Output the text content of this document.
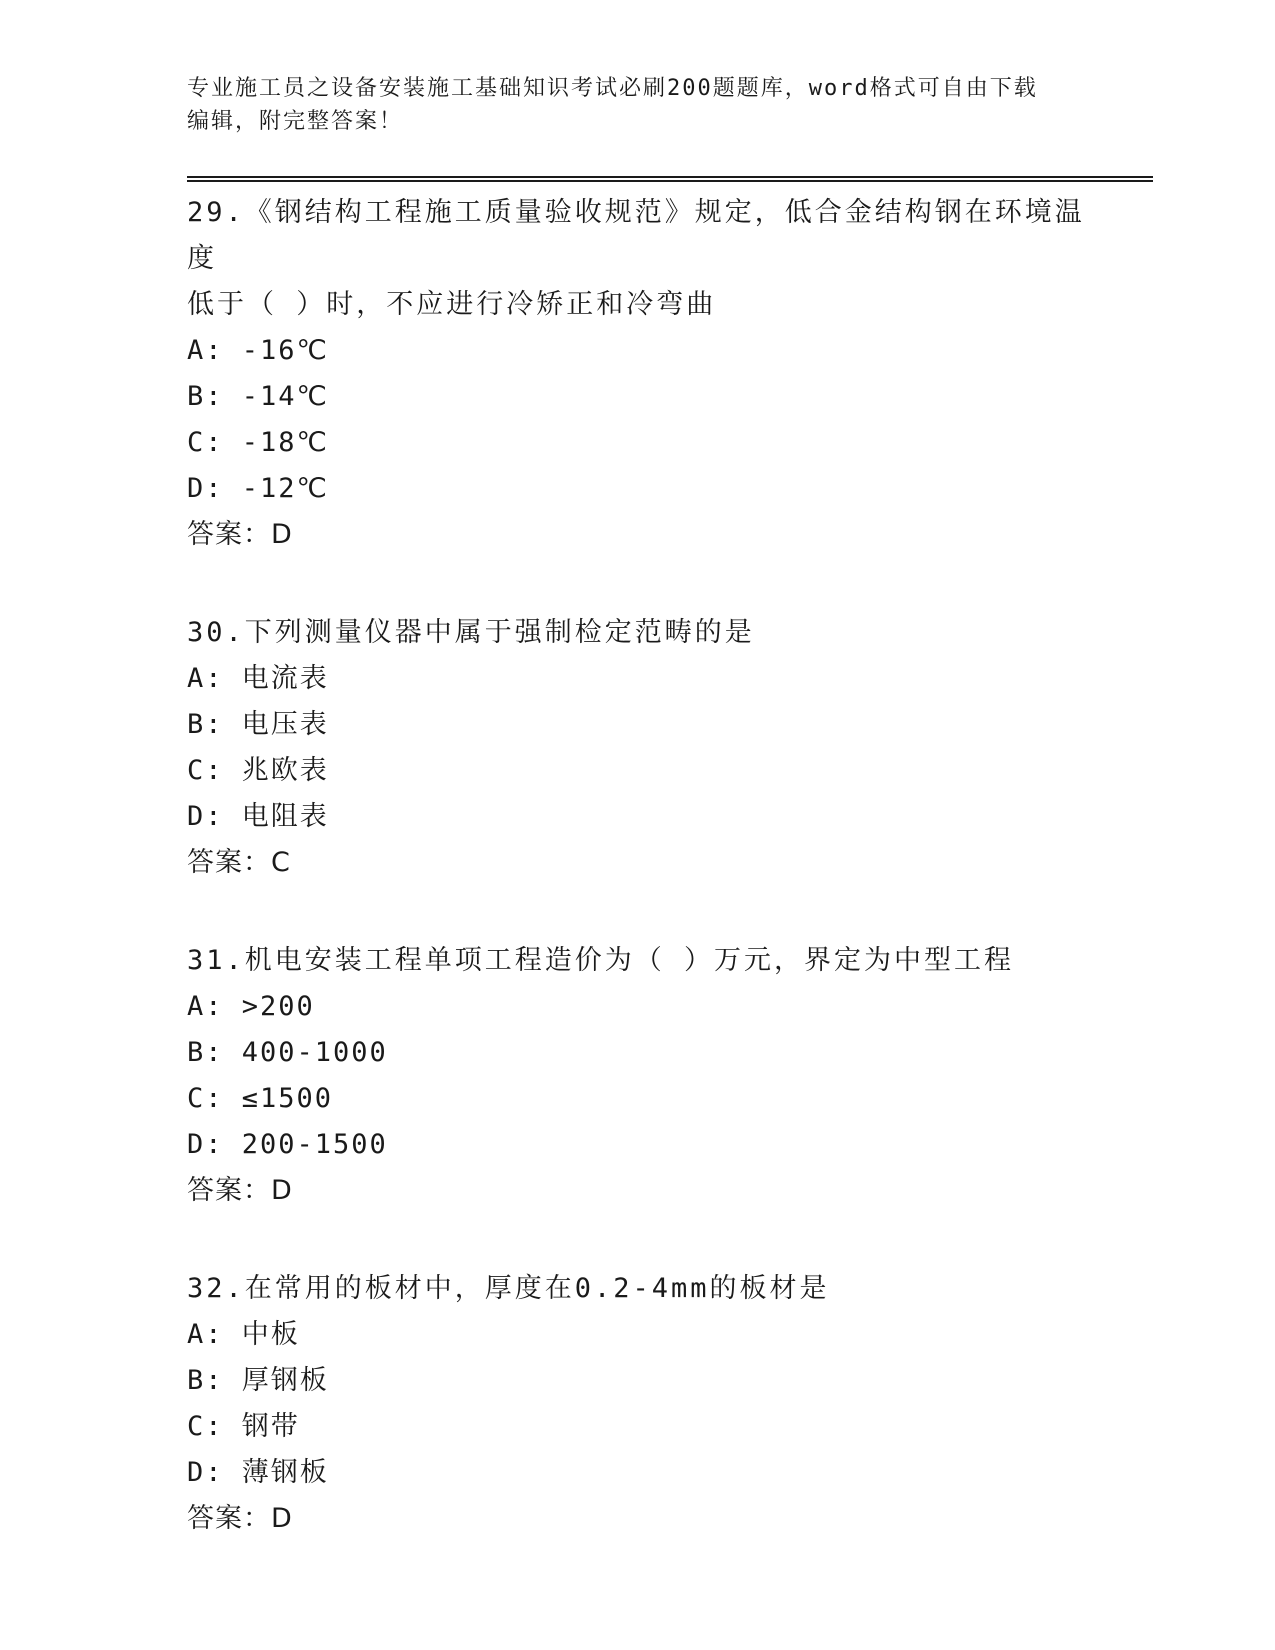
专业施工员之设备安装施工基础知识考试必刷200题题库，word格式可自由下载
编辑，附完整答案！
29.《钢结构工程施工质量验收规范》规定，低合金结构钢在环境温度
低于（ ）时，不应进行冷矫正和冷弯曲
A: -16℃
B: -14℃
C: -18℃
D: -12℃
答案：D
30.下列测量仪器中属于强制检定范畴的是
A: 电流表
B: 电压表
C: 兆欧表
D: 电阻表
答案：C
31.机电安装工程单项工程造价为（ ）万元，界定为中型工程
A: >200
B: 400-1000
C: ≤1500
D: 200-1500
答案：D
32.在常用的板材中，厚度在0.2-4mm的板材是
A: 中板
B: 厚钢板
C: 钢带
D: 薄钢板
答案：D
